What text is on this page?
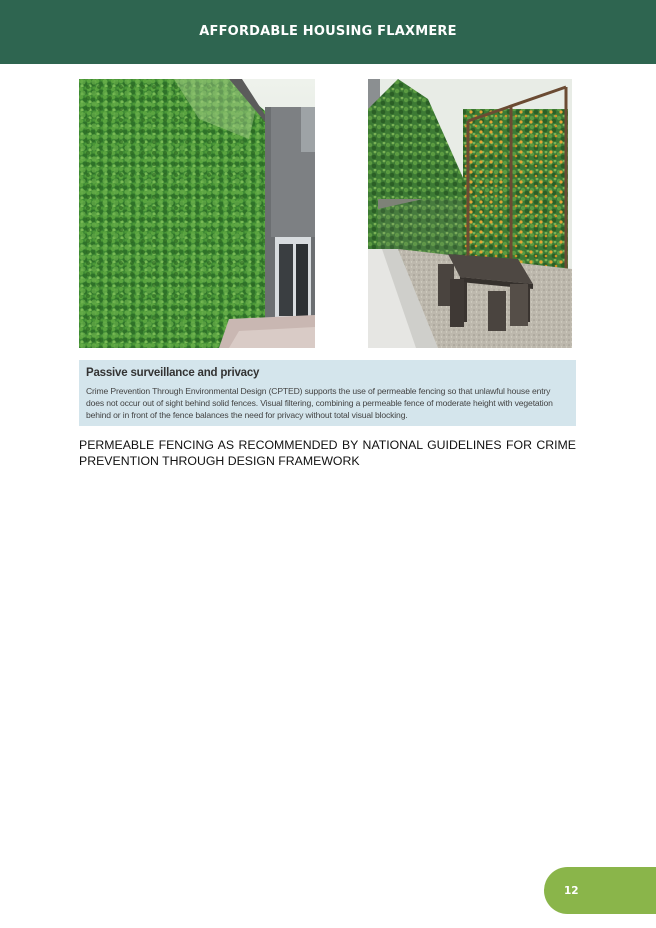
AFFORDABLE HOUSING FLAXMERE
Passive surveillance and privacy
Crime Prevention Through Environmental Design (CPTED) supports the use of permeable fencing so that unlawful house entry does not occur out of sight behind solid fences. Visual filtering, combining a permeable fence of moderate height with vegetation behind or in front of the fence balances the need for privacy without total visual blocking.
PERMEABLE FENCING AS RECOMMENDED BY NATIONAL GUIDELINES FOR CRIME PREVENTION THROUGH DESIGN FRAMEWORK
12
